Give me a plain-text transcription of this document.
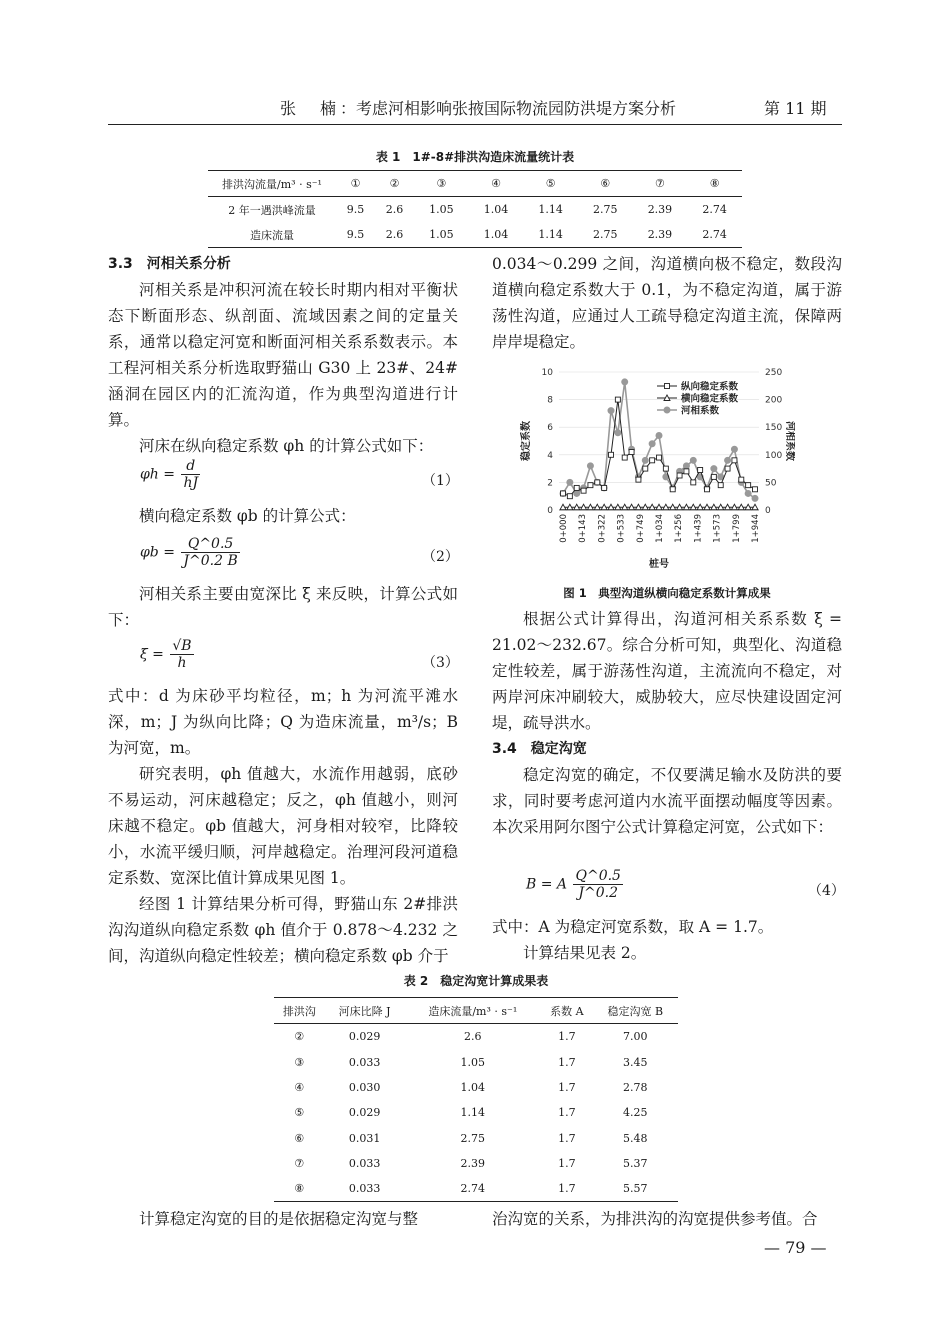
张　楠：考虑河相影响张掖国际物流园防洪堤方案分析	第 11 期
表 1　1#-8#排洪沟造床流量统计表
排洪沟流量/m³ · s⁻¹	①	②	③	④	⑤	⑥	⑦	⑧
2 年一遇洪峰流量	9.5	2.6	1.05	1.04	1.14	2.75	2.39	2.74
造床流量	9.5	2.6	1.05	1.04	1.14	2.75	2.39	2.74

3.3　河相关系分析

河相关系是冲积河流在较长时期内相对平衡状态下断面形态、纵剖面、流域因素之间的定量关系，通常以稳定河宽和断面河相关系系数表示。本工程河相关系分析选取野猫山 G30 上 23#、24#涵洞在园区内的汇流沟道，作为典型沟道进行计算。

河床在纵向稳定系数 φh 的计算公式如下：

$\varphi h = \frac{d}{hJ}$	（1）

横向稳定系数 φb 的计算公式：

$\varphi b = \frac{Q\^{}0.5}{J\^{}0.2 B}$	（2）

河相关系主要由宽深比 ξ 来反映，计算公式如下：

$\xi = \frac{√B}{h}$	（3）

式中：d 为床砂平均粒径，m；h 为河流平滩水深，m；J 为纵向比降；Q 为造床流量，m³/s；B 为河宽，m。

研究表明，φh 值越大，水流作用越弱，底砂不易运动，河床越稳定；反之，φh 值越小，则河床越不稳定。φb 值越大，河身相对较窄，比降较小，水流平缓归顺，河岸越稳定。治理河段河道稳定系数、宽深比值计算成果见图 1。

经图 1 计算结果分析可得，野猫山东 2#排洪沟沟道纵向稳定系数 φh 值介于 0.878～4.232 之间，沟道纵向稳定性较差；横向稳定系数 φb 介于

0.034～0.299 之间，沟道横向极不稳定，数段沟道横向稳定系数大于 0.1，为不稳定沟道，属于游荡性沟道，应通过人工疏导稳定沟道主流，保障两岸岸堤稳定。

0
2
4
6
8
10
0
50
100
150
200
250
0+000 0+143 0+322 0+533 0+749 1+034 1+256 1+439 1+573 1+799 1+944
桩号
稳定系数	河相系数
纵向稳定系数
横向稳定系数
河相系数
图 1　典型沟道纵横向稳定系数计算成果

根据公式计算得出，沟道河相关系系数 ξ = 21.02～232.67。综合分析可知，典型化、沟道稳定性较差，属于游荡性沟道，主流流向不稳定，对两岸河床冲刷较大，威胁较大，应尽快建设固定河堤，疏导洪水。

3.4　稳定沟宽

稳定沟宽的确定，不仅要满足输水及防洪的要求，同时要考虑河道内水流平面摆动幅度等因素。本次采用阿尔图宁公式计算稳定河宽，公式如下：

B = A $\frac{Q\^{}0.5}{J\^{}0.2}$	（4）

式中：A 为稳定河宽系数，取 A = 1.7。

计算结果见表 2。

表 2　稳定沟宽计算成果表
排洪沟	河床比降 J	造床流量/m³ · s⁻¹	系数 A	稳定沟宽 B
②	0.029	2.6	1.7	7.00
③	0.033	1.05	1.7	3.45
④	0.030	1.04	1.7	2.78
⑤	0.029	1.14	1.7	4.25
⑥	0.031	2.75	1.7	5.48
⑦	0.033	2.39	1.7	5.37
⑧	0.033	2.74	1.7	5.57

计算稳定沟宽的目的是依据稳定沟宽与整	治沟宽的关系，为排洪沟的沟宽提供参考值。合

— 79 —
